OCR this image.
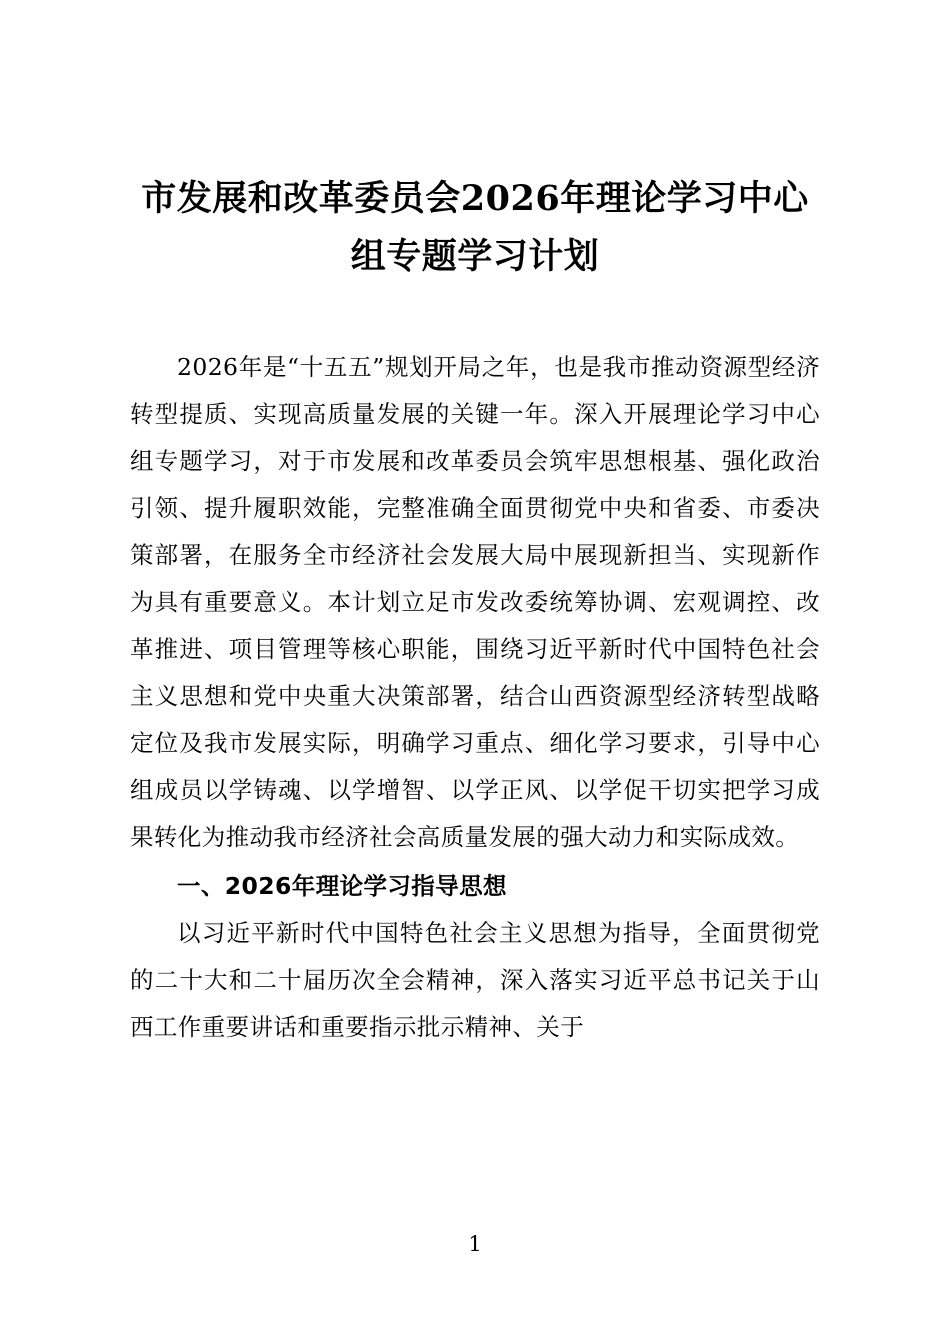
市发展和改革委员会2026年理论学习中心组专题学习计划

2026年是“十五五”规划开局之年，也是我市推动资源型经济转型提质、实现高质量发展的关键一年。深入开展理论学习中心组专题学习，对于市发展和改革委员会筑牢思想根基、强化政治引领、提升履职效能，完整准确全面贯彻党中央和省委、市委决策部署，在服务全市经济社会发展大局中展现新担当、实现新作为具有重要意义。本计划立足市发改委统筹协调、宏观调控、改革推进、项目管理等核心职能，围绕习近平新时代中国特色社会主义思想和党中央重大决策部署，结合山西资源型经济转型战略定位及我市发展实际，明确学习重点、细化学习要求，引导中心组成员以学铸魂、以学增智、以学正风、以学促干切实把学习成果转化为推动我市经济社会高质量发展的强大动力和实际成效。

一、2026年理论学习指导思想

以习近平新时代中国特色社会主义思想为指导，全面贯彻党的二十大和二十届历次全会精神，深入落实习近平总书记关于山西工作重要讲话和重要指示批示精神、关于

1
